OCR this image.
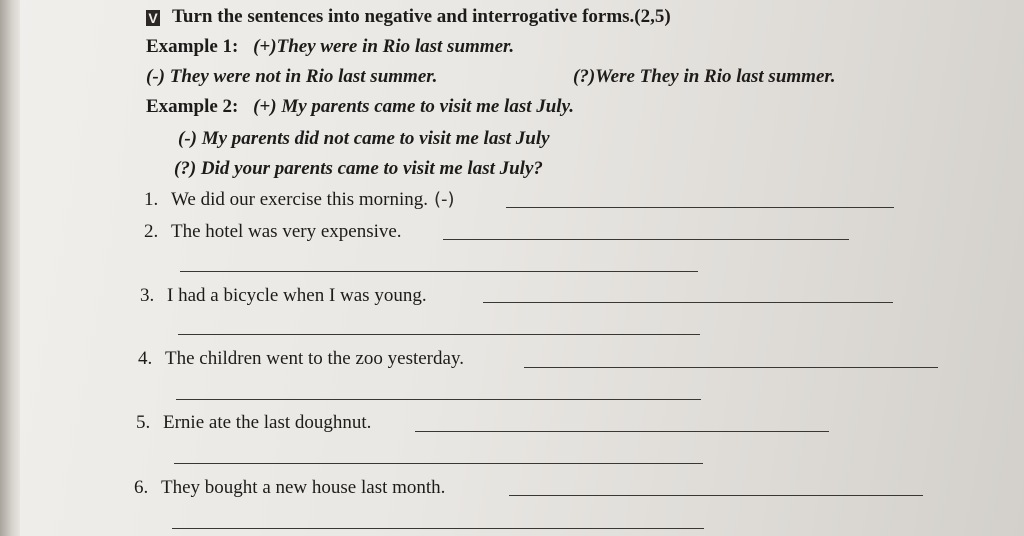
V Turn the sentences into negative and interrogative forms.(2,5)
Example 1: (+)They were in Rio last summer.
(-) They were not in Rio last summer.	(?)Were They in Rio last summer.
Example 2: (+) My parents came to visit me last July.
(-) My parents did not came to visit me last July
(?) Did your parents came to visit me last July?
1. We did our exercise this morning. (-)
2. The hotel was very expensive.
3. I had a bicycle when I was young.
4. The children went to the zoo yesterday.
5. Ernie ate the last doughnut.
6. They bought a new house last month.
